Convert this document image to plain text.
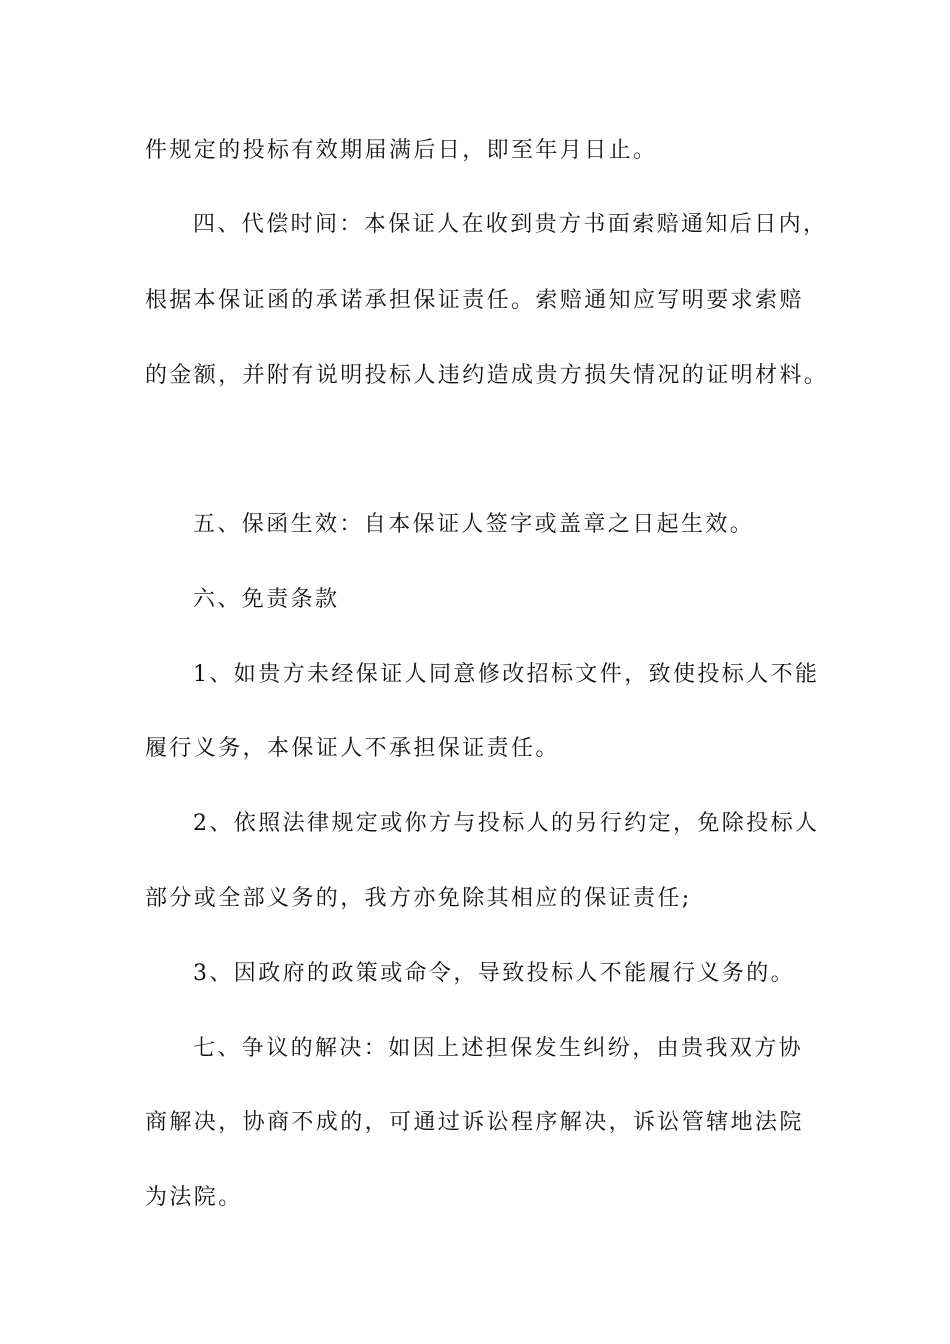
件规定的投标有效期届满后日，即至年月日止。

四、代偿时间：本保证人在收到贵方书面索赔通知后日内，

根据本保证函的承诺承担保证责任。索赔通知应写明要求索赔

的金额，并附有说明投标人违约造成贵方损失情况的证明材料。

五、保函生效：自本保证人签字或盖章之日起生效。

六、免责条款

1、如贵方未经保证人同意修改招标文件，致使投标人不能

履行义务，本保证人不承担保证责任。

2、依照法律规定或你方与投标人的另行约定，免除投标人

部分或全部义务的，我方亦免除其相应的保证责任;

3、因政府的政策或命令，导致投标人不能履行义务的。

七、争议的解决：如因上述担保发生纠纷，由贵我双方协

商解决，协商不成的，可通过诉讼程序解决，诉讼管辖地法院

为法院。
